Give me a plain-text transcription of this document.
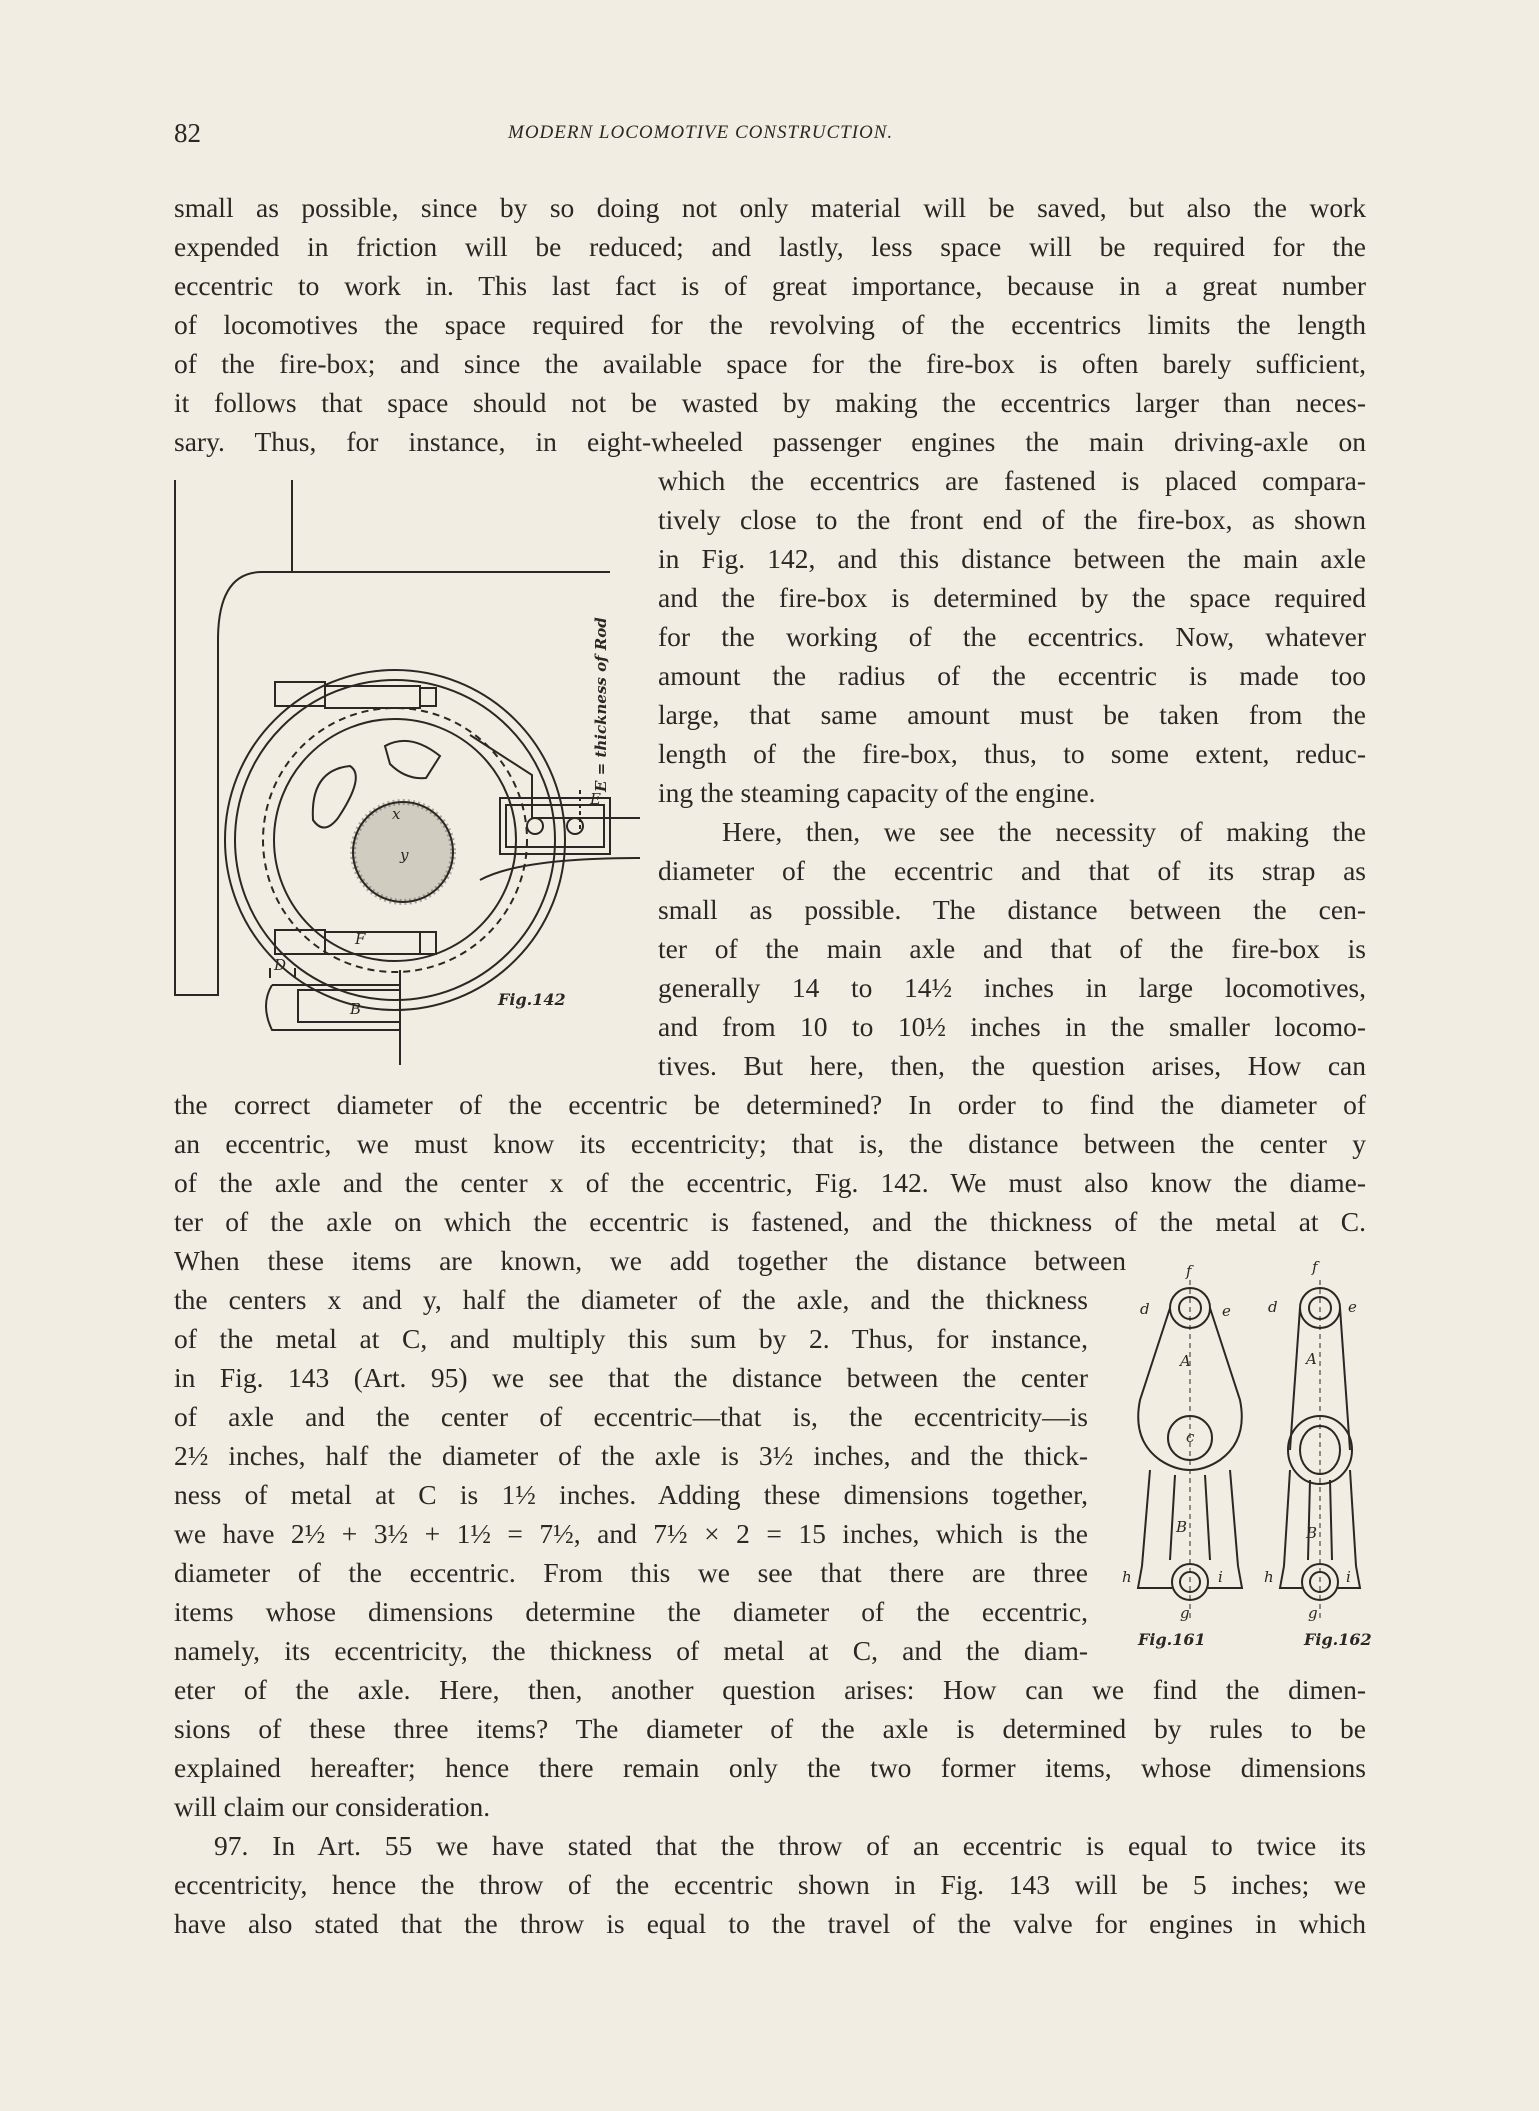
82	MODERN LOCOMOTIVE CONSTRUCTION.
small as possible, since by so doing not only material will be saved, but also the work
expended in friction will be reduced; and lastly, less space will be required for the
eccentric to work in. This last fact is of great importance, because in a great number
of locomotives the space required for the revolving of the eccentrics limits the length
of the fire-box; and since the available space for the fire-box is often barely sufficient,
it follows that space should not be wasted by making the eccentrics larger than neces-
sary. Thus, for instance, in eight-wheeled passenger engines the main driving-axle on
which the eccentrics are fastened is placed compara-
tively close to the front end of the fire-box, as shown
in Fig. 142, and this distance between the main axle
and the fire-box is determined by the space required
for the working of the eccentrics. Now, whatever
amount the radius of the eccentric is made too
large, that same amount must be taken from the
length of the fire-box, thus, to some extent, reduc-
ing the steaming capacity of the engine.
Here, then, we see the necessity of making the
diameter of the eccentric and that of its strap as
small as possible. The distance between the cen-
ter of the main axle and that of the fire-box is
generally 14 to 14½ inches in large locomotives,
and from 10 to 10½ inches in the smaller locomo-
tives. But here, then, the question arises, How can
the correct diameter of the eccentric be determined? In order to find the diameter of
an eccentric, we must know its eccentricity; that is, the distance between the center y
of the axle and the center x of the eccentric, Fig. 142. We must also know the diame-
ter of the axle on which the eccentric is fastened, and the thickness of the metal at C.
When these items are known, we add together the distance between
the centers x and y, half the diameter of the axle, and the thickness
of the metal at C, and multiply this sum by 2. Thus, for instance,
in Fig. 143 (Art. 95) we see that the distance between the center
of axle and the center of eccentric—that is, the eccentricity—is
2½ inches, half the diameter of the axle is 3½ inches, and the thick-
ness of metal at C is 1½ inches. Adding these dimensions together,
we have 2½ + 3½ + 1½ = 7½, and 7½ × 2 = 15 inches, which is the
diameter of the eccentric. From this we see that there are three
items whose dimensions determine the diameter of the eccentric,
namely, its eccentricity, the thickness of metal at C, and the diam-
eter of the axle. Here, then, another question arises: How can we find the dimen-
sions of these three items? The diameter of the axle is determined by rules to be
explained hereafter; hence there remain only the two former items, whose dimensions
will claim our consideration.
97. In Art. 55 we have stated that the throw of an eccentric is equal to twice its
eccentricity, hence the throw of the eccentric shown in Fig. 143 will be 5 inches; we
have also stated that the throw is equal to the travel of the valve for engines in which
x
y
D
F
E
B
E = thickness of Rod
Fig.142
f
d	e
A
c
B
h	i
g
Fig.161
f
d	e
A
B
h	i
g
Fig.162
